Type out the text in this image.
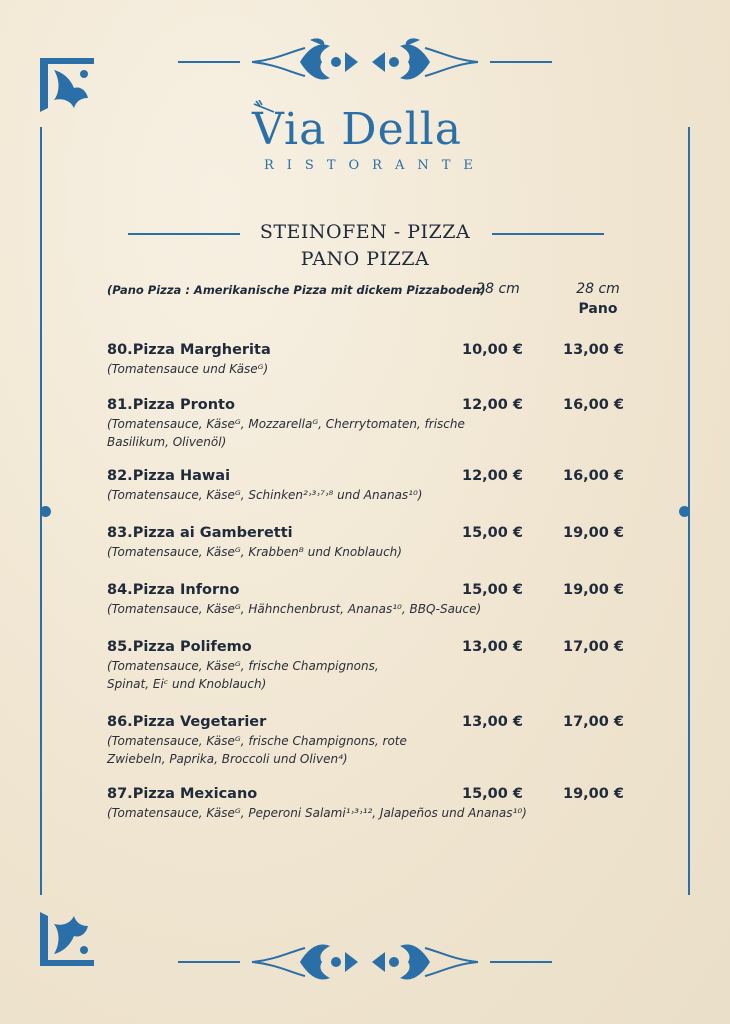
Via Della
RISTORANTE
STEINOFEN - PIZZA
PANO PIZZA
(Pano Pizza : Amerikanische Pizza mit dickem Pizzaboden)
28 cm	28 cm
Pano
80.Pizza Margherita
(Tomatensauce und Käseᴳ)
10,00 €	13,00 €
81.Pizza Pronto
(Tomatensauce, Käseᴳ, Mozzarellaᴳ, Cherrytomaten, frische Basilikum, Olivenöl)
12,00 €	16,00 €
82.Pizza Hawai
(Tomatensauce, Käseᴳ, Schinken²˒³˒⁷˒⁸ und Ananas¹⁰)
12,00 €	16,00 €
83.Pizza ai Gamberetti
(Tomatensauce, Käseᴳ, Krabbenᴮ und Knoblauch)
15,00 €	19,00 €
84.Pizza Inforno
(Tomatensauce, Käseᴳ, Hähnchenbrust, Ananas¹⁰, BBQ-Sauce)
15,00 €	19,00 €
85.Pizza Polifemo
(Tomatensauce, Käseᴳ, frische Champignons, Spinat, Eiᶜ und Knoblauch)
13,00 €	17,00 €
86.Pizza Vegetarier
(Tomatensauce, Käseᴳ, frische Champignons, rote Zwiebeln, Paprika, Broccoli und Oliven⁴)
13,00 €	17,00 €
87.Pizza Mexicano
(Tomatensauce, Käseᴳ, Peperoni Salami¹˒³˒¹², Jalapeños und Ananas¹⁰)
15,00 €	19,00 €
